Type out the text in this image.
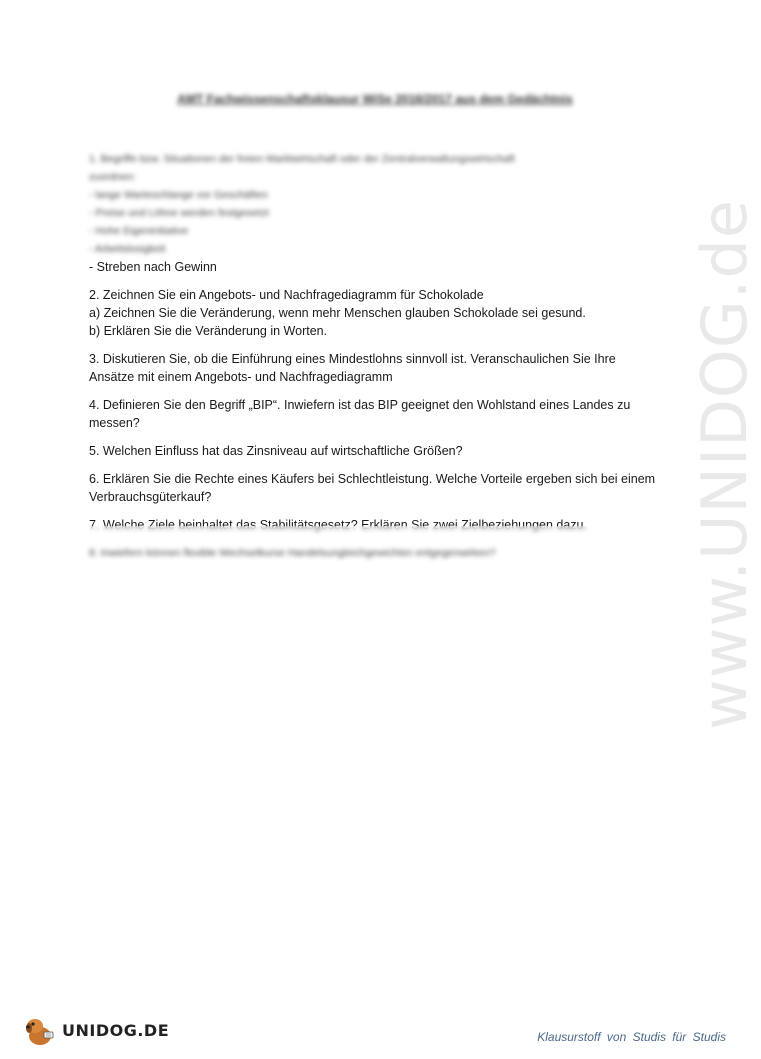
AMT Fachwissenschaftsklausur WiSe 2016/2017 aus dem Gedächtnis

1. Begriffe bzw. Situationen der freien Marktwirtschaft oder der Zentralverwaltungswirtschaft

zuordnen:

- lange Warteschlange vor Geschäften

- Preise und Löhne werden festgesetzt

- Hohe Eigeninitiative

- Arbeitslosigkeit

- Streben nach Gewinn

2. Zeichnen Sie ein Angebots- und Nachfragediagramm für Schokolade

a) Zeichnen Sie die Veränderung, wenn mehr Menschen glauben Schokolade sei gesund.

b) Erklären Sie die Veränderung in Worten.

3. Diskutieren Sie, ob die Einführung eines Mindestlohns sinnvoll ist. Veranschaulichen Sie Ihre

Ansätze mit einem Angebots- und Nachfragediagramm

4. Definieren Sie den Begriff „BIP“. Inwiefern ist das BIP geeignet den Wohlstand eines Landes zu

messen?

5. Welchen Einfluss hat das Zinsniveau auf wirtschaftliche Größen?

6. Erklären Sie die Rechte eines Käufers bei Schlechtleistung. Welche Vorteile ergeben sich bei einem

Verbrauchsgüterkauf?

7. Welche Ziele beinhaltet das Stabilitätsgesetz? Erklären Sie zwei Zielbeziehungen dazu.

8. Inwiefern können flexible Wechselkurse Handelsungleichgewichten entgegenwirken?	www.UNIDOG.de
UNIDOG.DE	Klausurstoff von Studis für Studis
